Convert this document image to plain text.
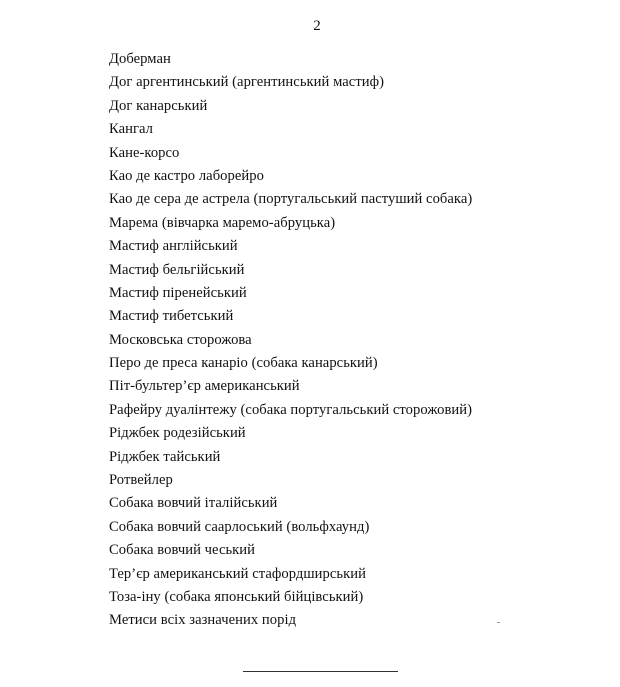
2
Доберман
Дог аргентинський (аргентинський мастиф)
Дог канарський
Кангал
Кане-корсо
Као де кастро лаборейро
Као де сера де астрела (португальський пастуший собака)
Марема (вівчарка маремо-абруцька)
Мастиф англійський
Мастиф бельгійський
Мастиф піренейський
Мастиф тибетський
Московська сторожова
Перо де преса канаріо (собака канарський)
Піт-бультер’єр американський
Рафейру дуалінтежу (собака португальський сторожовий)
Ріджбек родезійський
Ріджбек тайський
Ротвейлер
Собака вовчий італійський
Собака вовчий саарлоський (вольфхаунд)
Собака вовчий чеський
Тер’єр американський стафордширський
Тоза-іну (собака японський бійцівський)
Метиси всіх зазначених порід
